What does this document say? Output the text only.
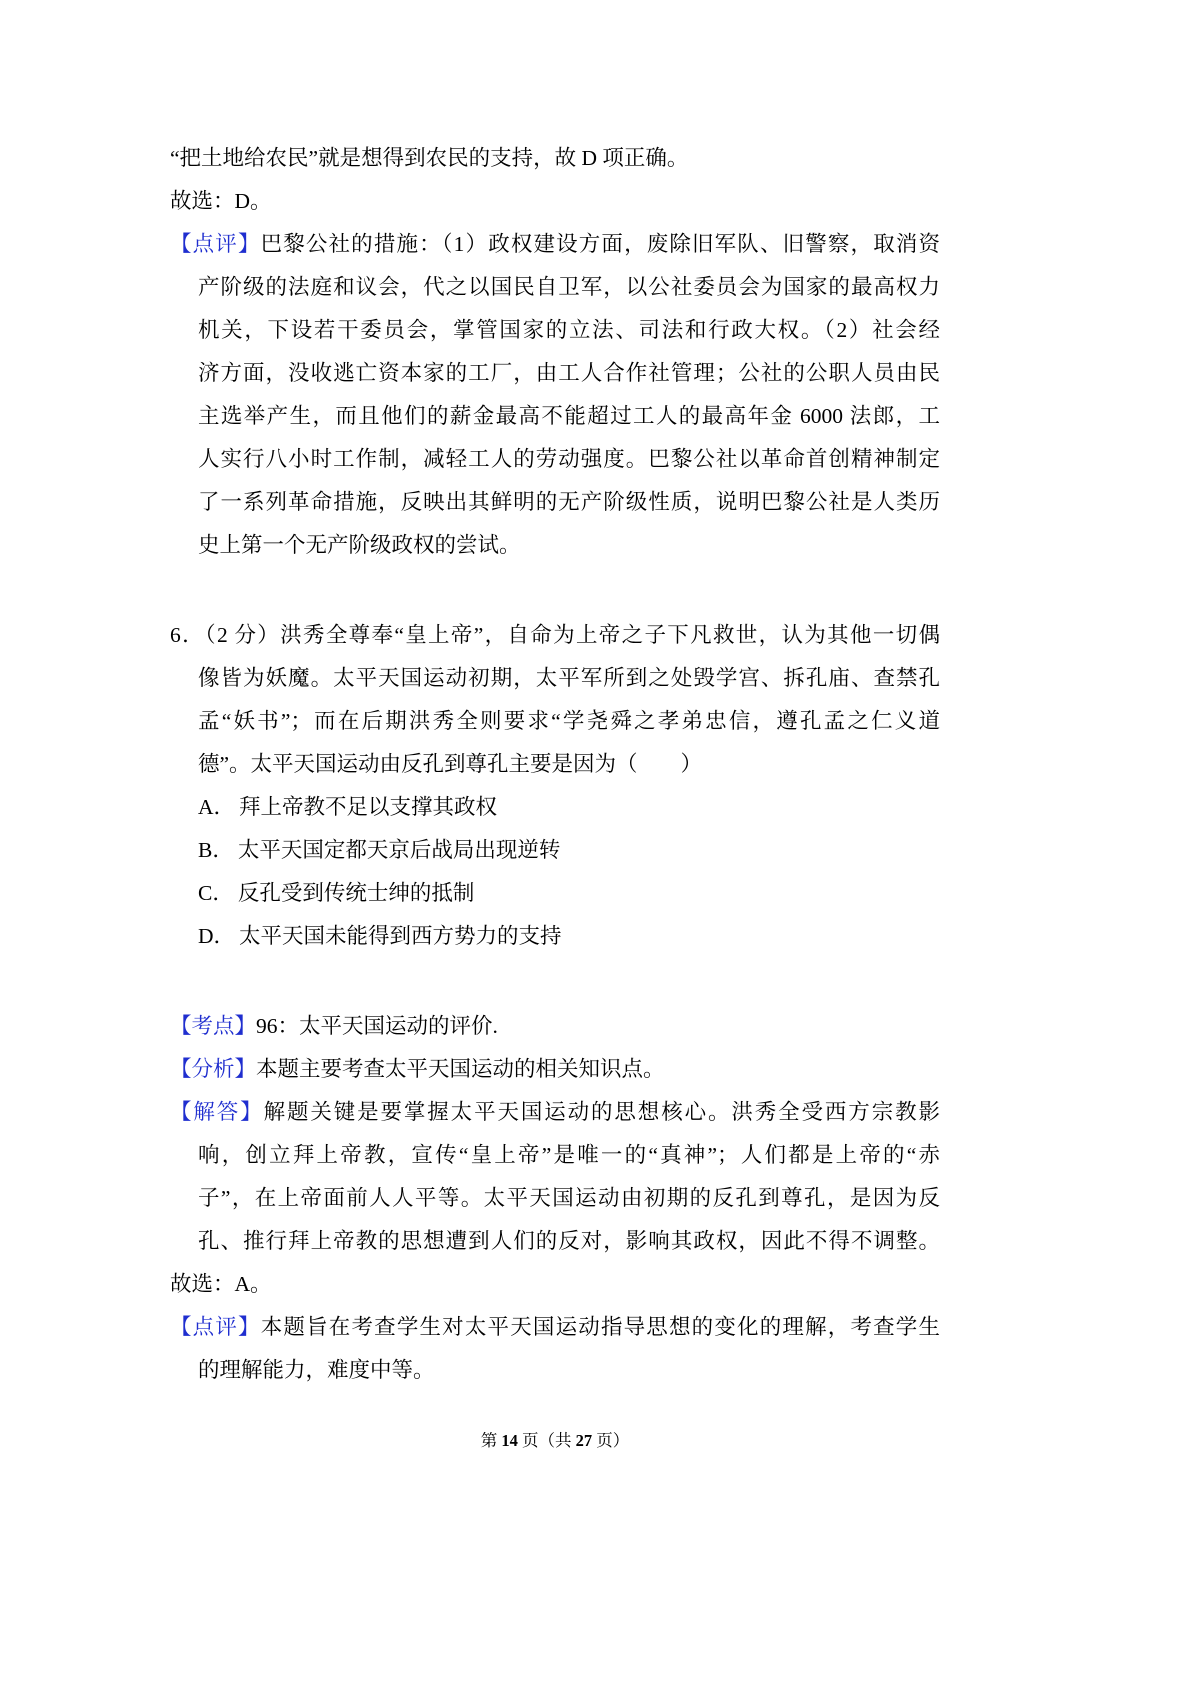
“把土地给农民”就是想得到农民的支持，故 D 项正确。
故选：D。
【点评】巴黎公社的措施：（1）政权建设方面，废除旧军队、旧警察，取消资
产阶级的法庭和议会，代之以国民自卫军，以公社委员会为国家的最高权力
机关，下设若干委员会，掌管国家的立法、司法和行政大权。（2）社会经
济方面，没收逃亡资本家的工厂，由工人合作社管理；公社的公职人员由民
主选举产生，而且他们的薪金最高不能超过工人的最高年金 6000 法郎，工
人实行八小时工作制，减轻工人的劳动强度。巴黎公社以革命首创精神制定
了一系列革命措施，反映出其鲜明的无产阶级性质，说明巴黎公社是人类历
史上第一个无产阶级政权的尝试。
6．（2 分）洪秀全尊奉“皇上帝”，自命为上帝之子下凡救世，认为其他一切偶
像皆为妖魔。太平天国运动初期，太平军所到之处毁学宫、拆孔庙、查禁孔
孟“妖书”；而在后期洪秀全则要求“学尧舜之孝弟忠信，遵孔孟之仁义道
德”。太平天国运动由反孔到尊孔主要是因为（　　）
A． 拜上帝教不足以支撑其政权
B． 太平天国定都天京后战局出现逆转
C． 反孔受到传统士绅的抵制
D． 太平天国未能得到西方势力的支持
【考点】96：太平天国运动的评价.
【分析】本题主要考查太平天国运动的相关知识点。
【解答】解题关键是要掌握太平天国运动的思想核心。洪秀全受西方宗教影
响，创立拜上帝教，宣传“皇上帝”是唯一的“真神”；人们都是上帝的“赤
子”，在上帝面前人人平等。太平天国运动由初期的反孔到尊孔，是因为反
孔、推行拜上帝教的思想遭到人们的反对，影响其政权，因此不得不调整。
故选：A。
【点评】本题旨在考查学生对太平天国运动指导思想的变化的理解，考查学生
的理解能力，难度中等。
第 14 页（共 27 页）
